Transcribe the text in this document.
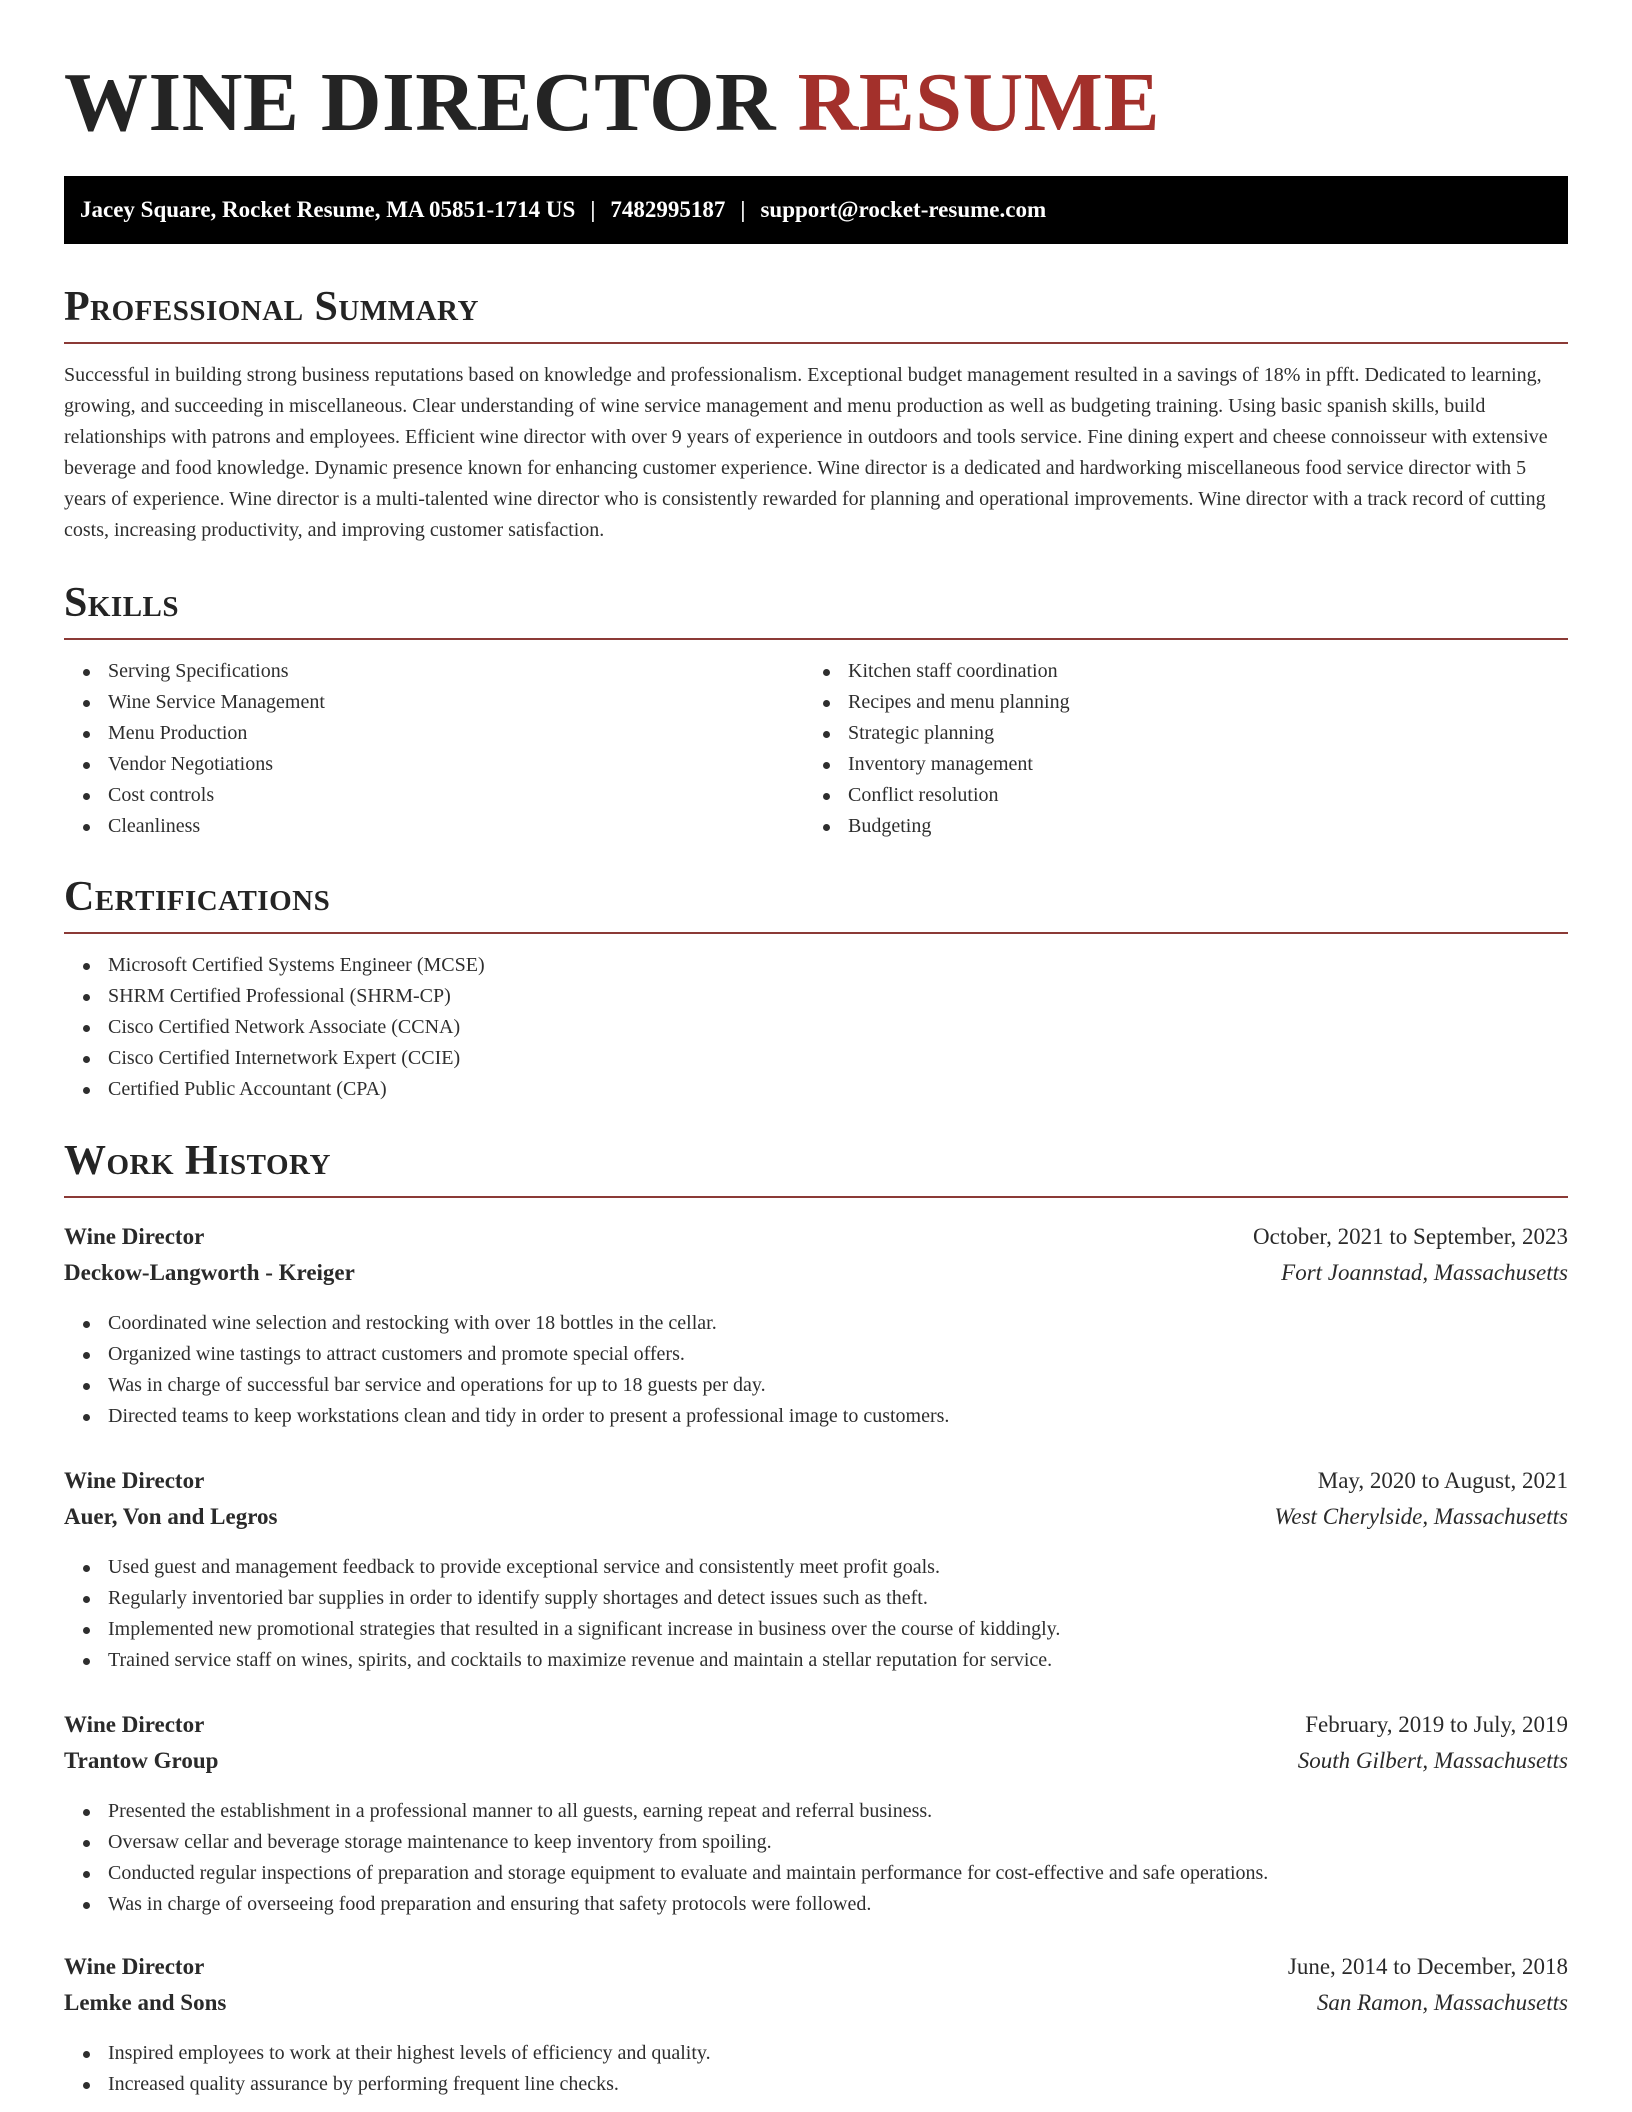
WINE DIRECTOR RESUME
Jacey Square, Rocket Resume, MA 05851-1714 US | 7482995187 | support@rocket-resume.com
Professional Summary

Successful in building strong business reputations based on knowledge and professionalism. Exceptional budget management resulted in a savings of 18% in pfft. Dedicated to learning, growing, and succeeding in miscellaneous. Clear understanding of wine service management and menu production as well as budgeting training. Using basic spanish skills, build relationships with patrons and employees. Efficient wine director with over 9 years of experience in outdoors and tools service. Fine dining expert and cheese connoisseur with extensive beverage and food knowledge. Dynamic presence known for enhancing customer experience. Wine director is a dedicated and hardworking miscellaneous food service director with 5 years of experience. Wine director is a multi-talented wine director who is consistently rewarded for planning and operational improvements. Wine director with a track record of cutting costs, increasing productivity, and improving customer satisfaction.

Skills
Serving Specifications
Wine Service Management
Menu Production
Vendor Negotiations
Cost controls
Cleanliness
Kitchen staff coordination
Recipes and menu planning
Strategic planning
Inventory management
Conflict resolution
Budgeting
Certifications
Microsoft Certified Systems Engineer (MCSE)
SHRM Certified Professional (SHRM-CP)
Cisco Certified Network Associate (CCNA)
Cisco Certified Internetwork Expert (CCIE)
Certified Public Accountant (CPA)
Work History
Wine Director	October, 2021 to September, 2023
Deckow-Langworth - Kreiger	Fort Joannstad, Massachusetts
Coordinated wine selection and restocking with over 18 bottles in the cellar.
Organized wine tastings to attract customers and promote special offers.
Was in charge of successful bar service and operations for up to 18 guests per day.
Directed teams to keep workstations clean and tidy in order to present a professional image to customers.
Wine Director	May, 2020 to August, 2021
Auer, Von and Legros	West Cherylside, Massachusetts
Used guest and management feedback to provide exceptional service and consistently meet profit goals.
Regularly inventoried bar supplies in order to identify supply shortages and detect issues such as theft.
Implemented new promotional strategies that resulted in a significant increase in business over the course of kiddingly.
Trained service staff on wines, spirits, and cocktails to maximize revenue and maintain a stellar reputation for service.
Wine Director	February, 2019 to July, 2019
Trantow Group	South Gilbert, Massachusetts
Presented the establishment in a professional manner to all guests, earning repeat and referral business.
Oversaw cellar and beverage storage maintenance to keep inventory from spoiling.
Conducted regular inspections of preparation and storage equipment to evaluate and maintain performance for cost-effective and safe operations.
Was in charge of overseeing food preparation and ensuring that safety protocols were followed.
Wine Director	June, 2014 to December, 2018
Lemke and Sons	San Ramon, Massachusetts
Inspired employees to work at their highest levels of efficiency and quality.
Increased quality assurance by performing frequent line checks.
